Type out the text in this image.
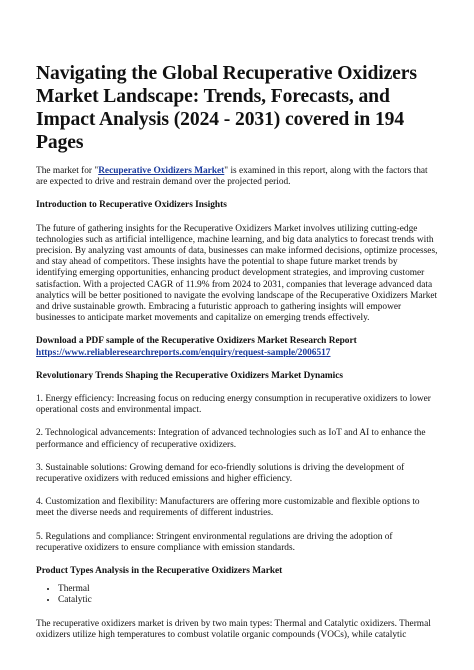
Navigating the Global Recuperative Oxidizers Market Landscape: Trends, Forecasts, and Impact Analysis (2024 - 2031) covered in 194 Pages

The market for "Recuperative Oxidizers Market" is examined in this report, along with the factors that are expected to drive and restrain demand over the projected period.

Introduction to Recuperative Oxidizers Insights

The future of gathering insights for the Recuperative Oxidizers Market involves utilizing cutting-edge technologies such as artificial intelligence, machine learning, and big data analytics to forecast trends with precision. By analyzing vast amounts of data, businesses can make informed decisions, optimize processes, and stay ahead of competitors. These insights have the potential to shape future market trends by identifying emerging opportunities, enhancing product development strategies, and improving customer satisfaction. With a projected CAGR of 11.9% from 2024 to 2031, companies that leverage advanced data analytics will be better positioned to navigate the evolving landscape of the Recuperative Oxidizers Market and drive sustainable growth. Embracing a futuristic approach to gathering insights will empower businesses to anticipate market movements and capitalize on emerging trends effectively.

Download a PDF sample of the Recuperative Oxidizers Market Research Report

https://www.reliableresearchreports.com/enquiry/request-sample/2006517

Revolutionary Trends Shaping the Recuperative Oxidizers Market Dynamics

1. Energy efficiency: Increasing focus on reducing energy consumption in recuperative oxidizers to lower operational costs and environmental impact.

2. Technological advancements: Integration of advanced technologies such as IoT and AI to enhance the performance and efficiency of recuperative oxidizers.

3. Sustainable solutions: Growing demand for eco-friendly solutions is driving the development of recuperative oxidizers with reduced emissions and higher efficiency.

4. Customization and flexibility: Manufacturers are offering more customizable and flexible options to meet the diverse needs and requirements of different industries.

5. Regulations and compliance: Stringent environmental regulations are driving the adoption of recuperative oxidizers to ensure compliance with emission standards.

Product Types Analysis in the Recuperative Oxidizers Market

• Thermal
• Catalytic

The recuperative oxidizers market is driven by two main types: Thermal and Catalytic oxidizers. Thermal oxidizers utilize high temperatures to combust volatile organic compounds (VOCs), while catalytic
